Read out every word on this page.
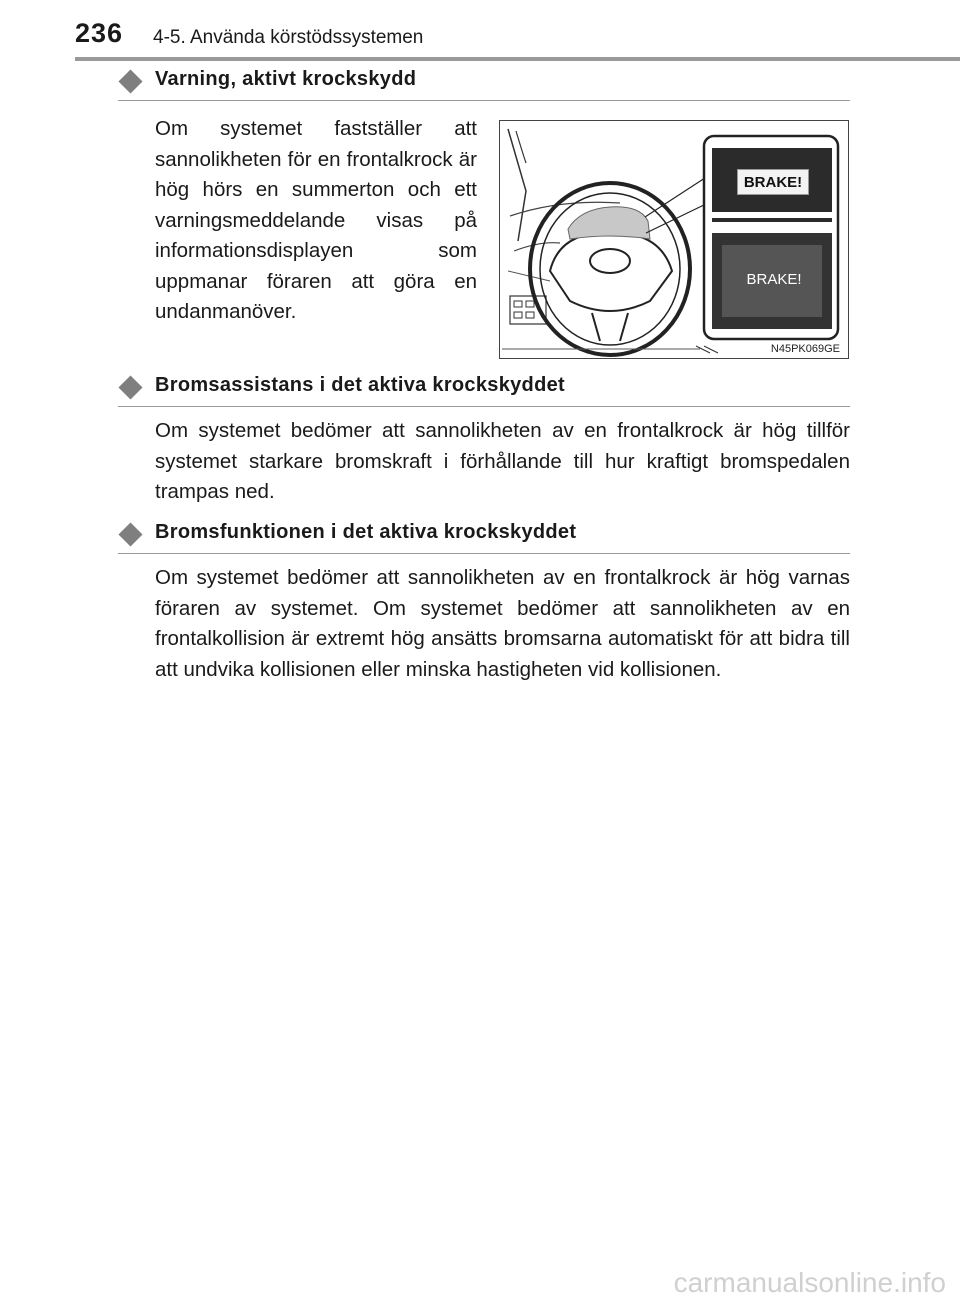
236 4-5. Använda körstödssystemen
Varning, aktivt krockskydd

Om systemet fastställer att sannolikheten för en frontalkrock är hög hörs en summerton och ett varningsmeddelande visas på informationsdisplayen som uppmanar föraren att göra en undanmanöver.

BRAKE!
BRAKE!
N45PK069GE
Bromsassistans i det aktiva krockskyddet

Om systemet bedömer att sannolikheten av en frontalkrock är hög tillför systemet starkare bromskraft i förhållande till hur kraftigt bromspedalen trampas ned.

Bromsfunktionen i det aktiva krockskyddet

Om systemet bedömer att sannolikheten av en frontalkrock är hög varnas föraren av systemet. Om systemet bedömer att sannolikheten av en frontalkollision är extremt hög ansätts bromsarna automatiskt för att bidra till att undvika kollisionen eller minska hastigheten vid kollisionen.

carmanualsonline.info
